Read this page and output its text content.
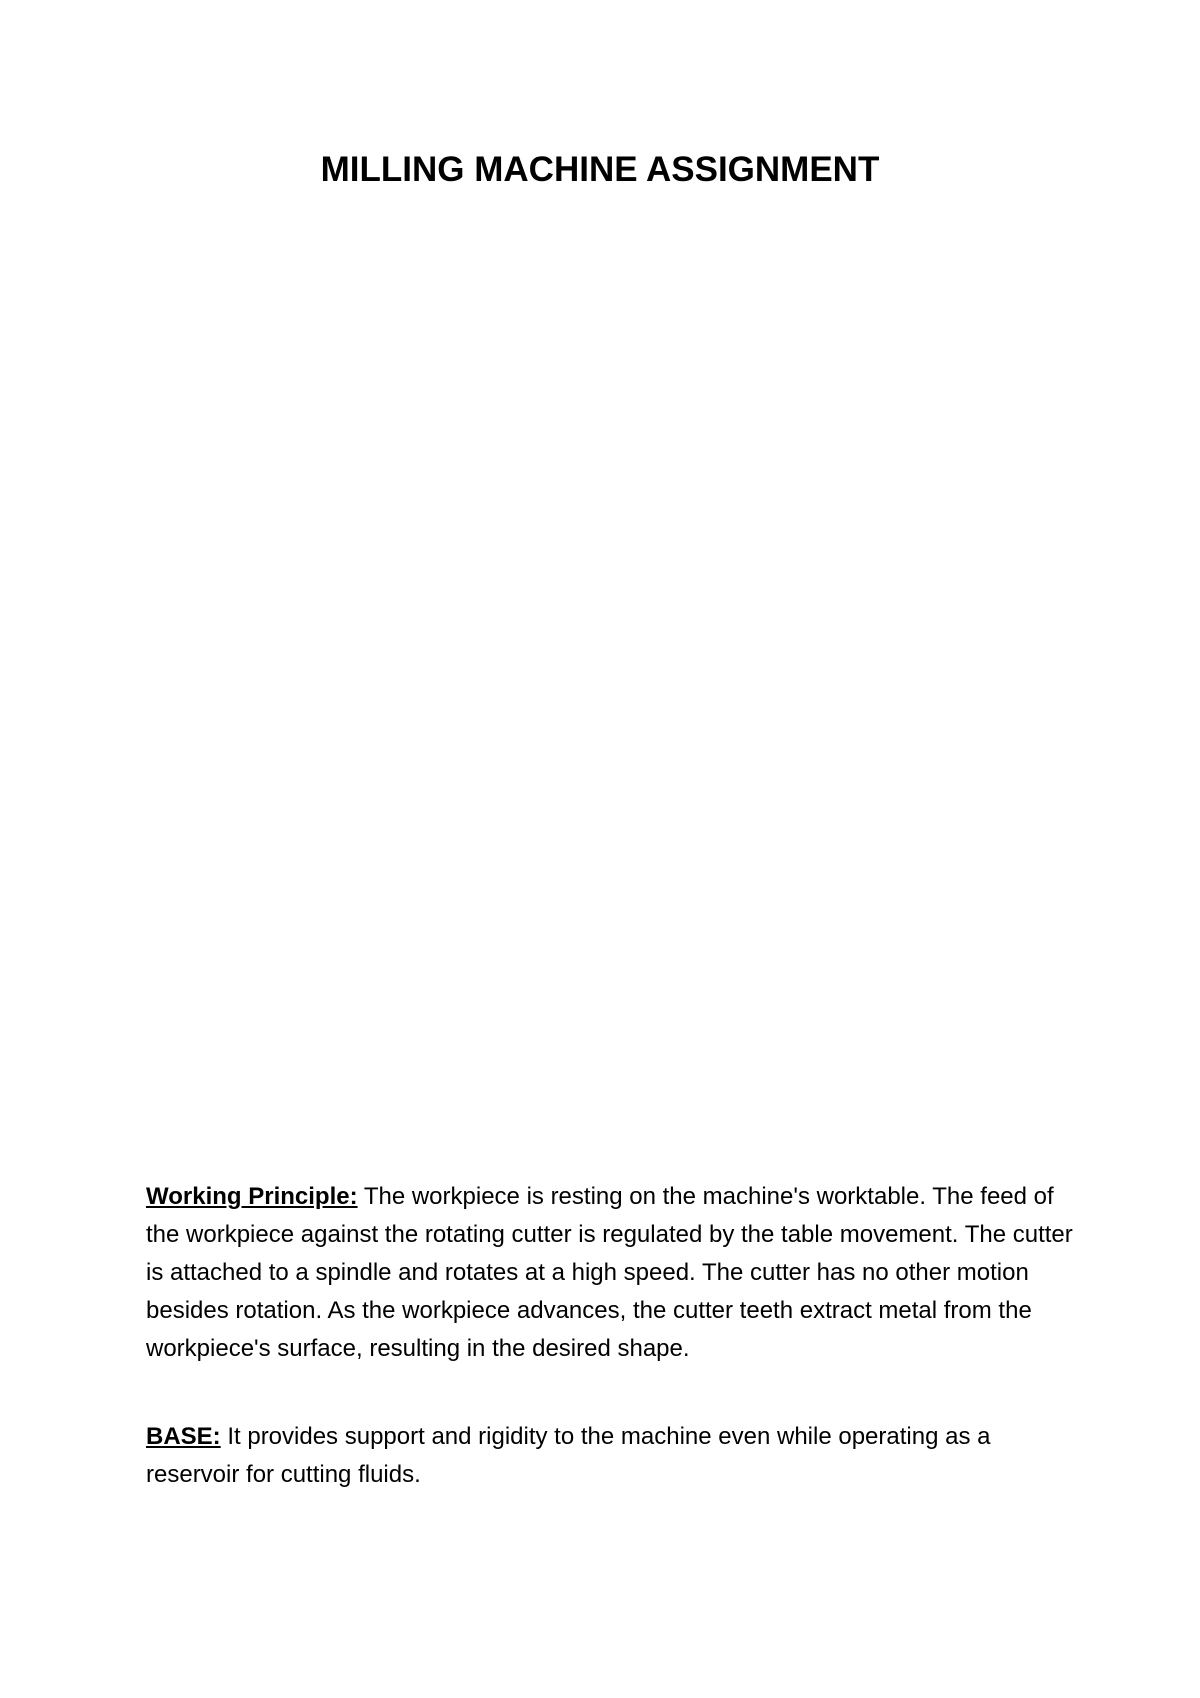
MILLING MACHINE ASSIGNMENT

Working Principle: The workpiece is resting on the machine's worktable. The feed of the workpiece against the rotating cutter is regulated by the table movement. The cutter is attached to a spindle and rotates at a high speed. The cutter has no other motion besides rotation. As the workpiece advances, the cutter teeth extract metal from the workpiece's surface, resulting in the desired shape.

BASE: It provides support and rigidity to the machine even while operating as a reservoir for cutting fluids.
